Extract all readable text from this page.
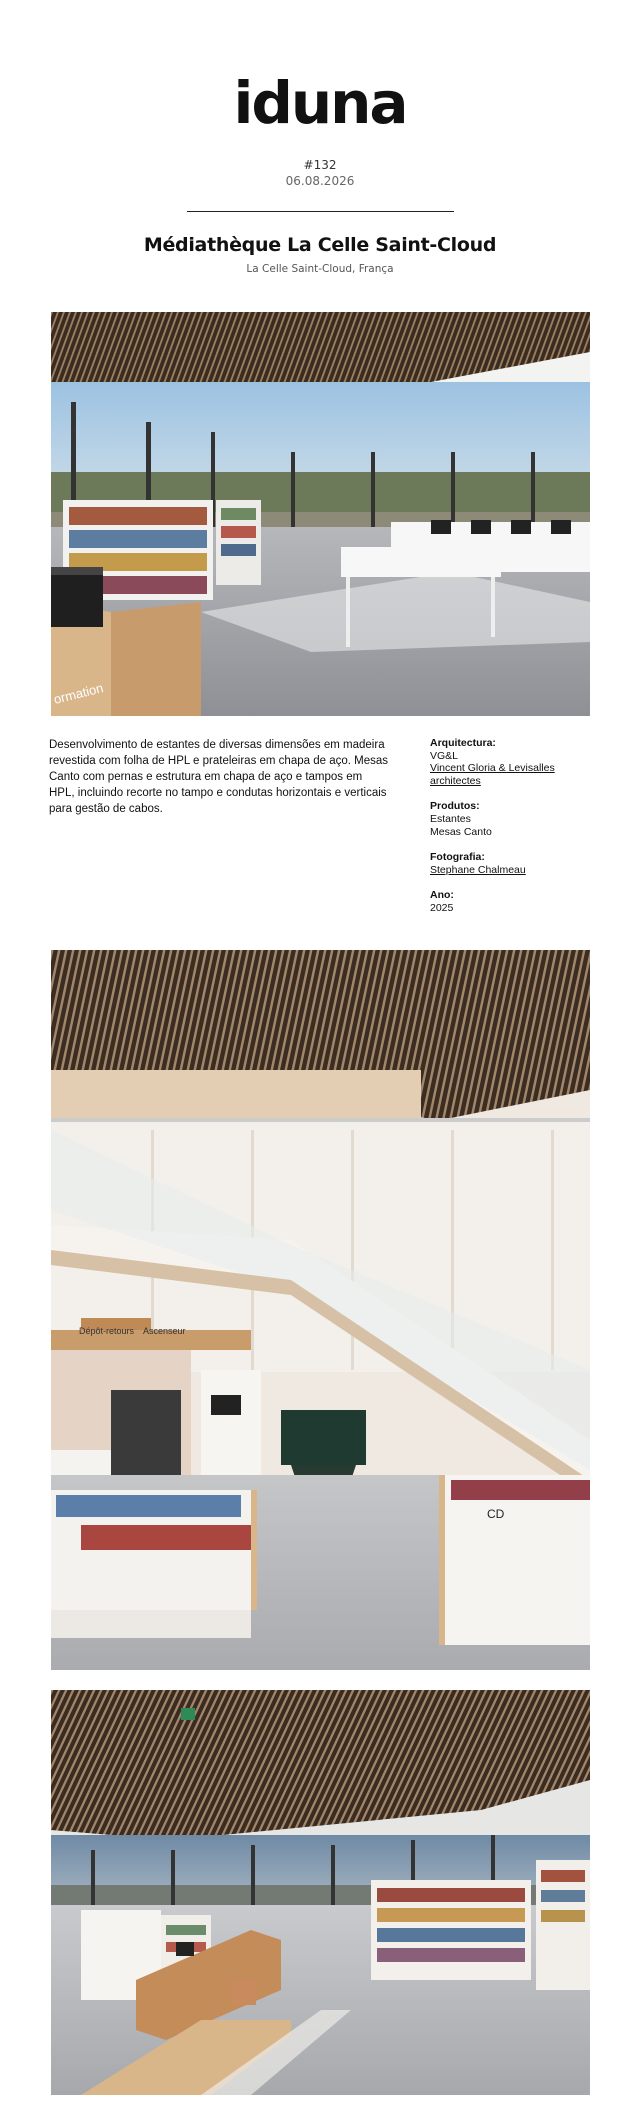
iduna
#132
06.08.2026
Médiathèque La Celle Saint-Cloud
La Celle Saint-Cloud, França
ormation
Desenvolvimento de estantes de diversas dimensões em madeira revestida com folha de HPL e prateleiras em chapa de aço. Mesas Canto com pernas e estrutura em chapa de aço e tampos em HPL, incluindo recorte no tampo e condutas horizontais e verticais para gestão de cabos.
Arquitectura:
VG&L
Vincent Gloria & Levisalles architectes
Produtos:
Estantes
Mesas Canto
Fotografia:
Stephane Chalmeau
Ano:
2025
Dépôt-retours Ascenseur
CD
